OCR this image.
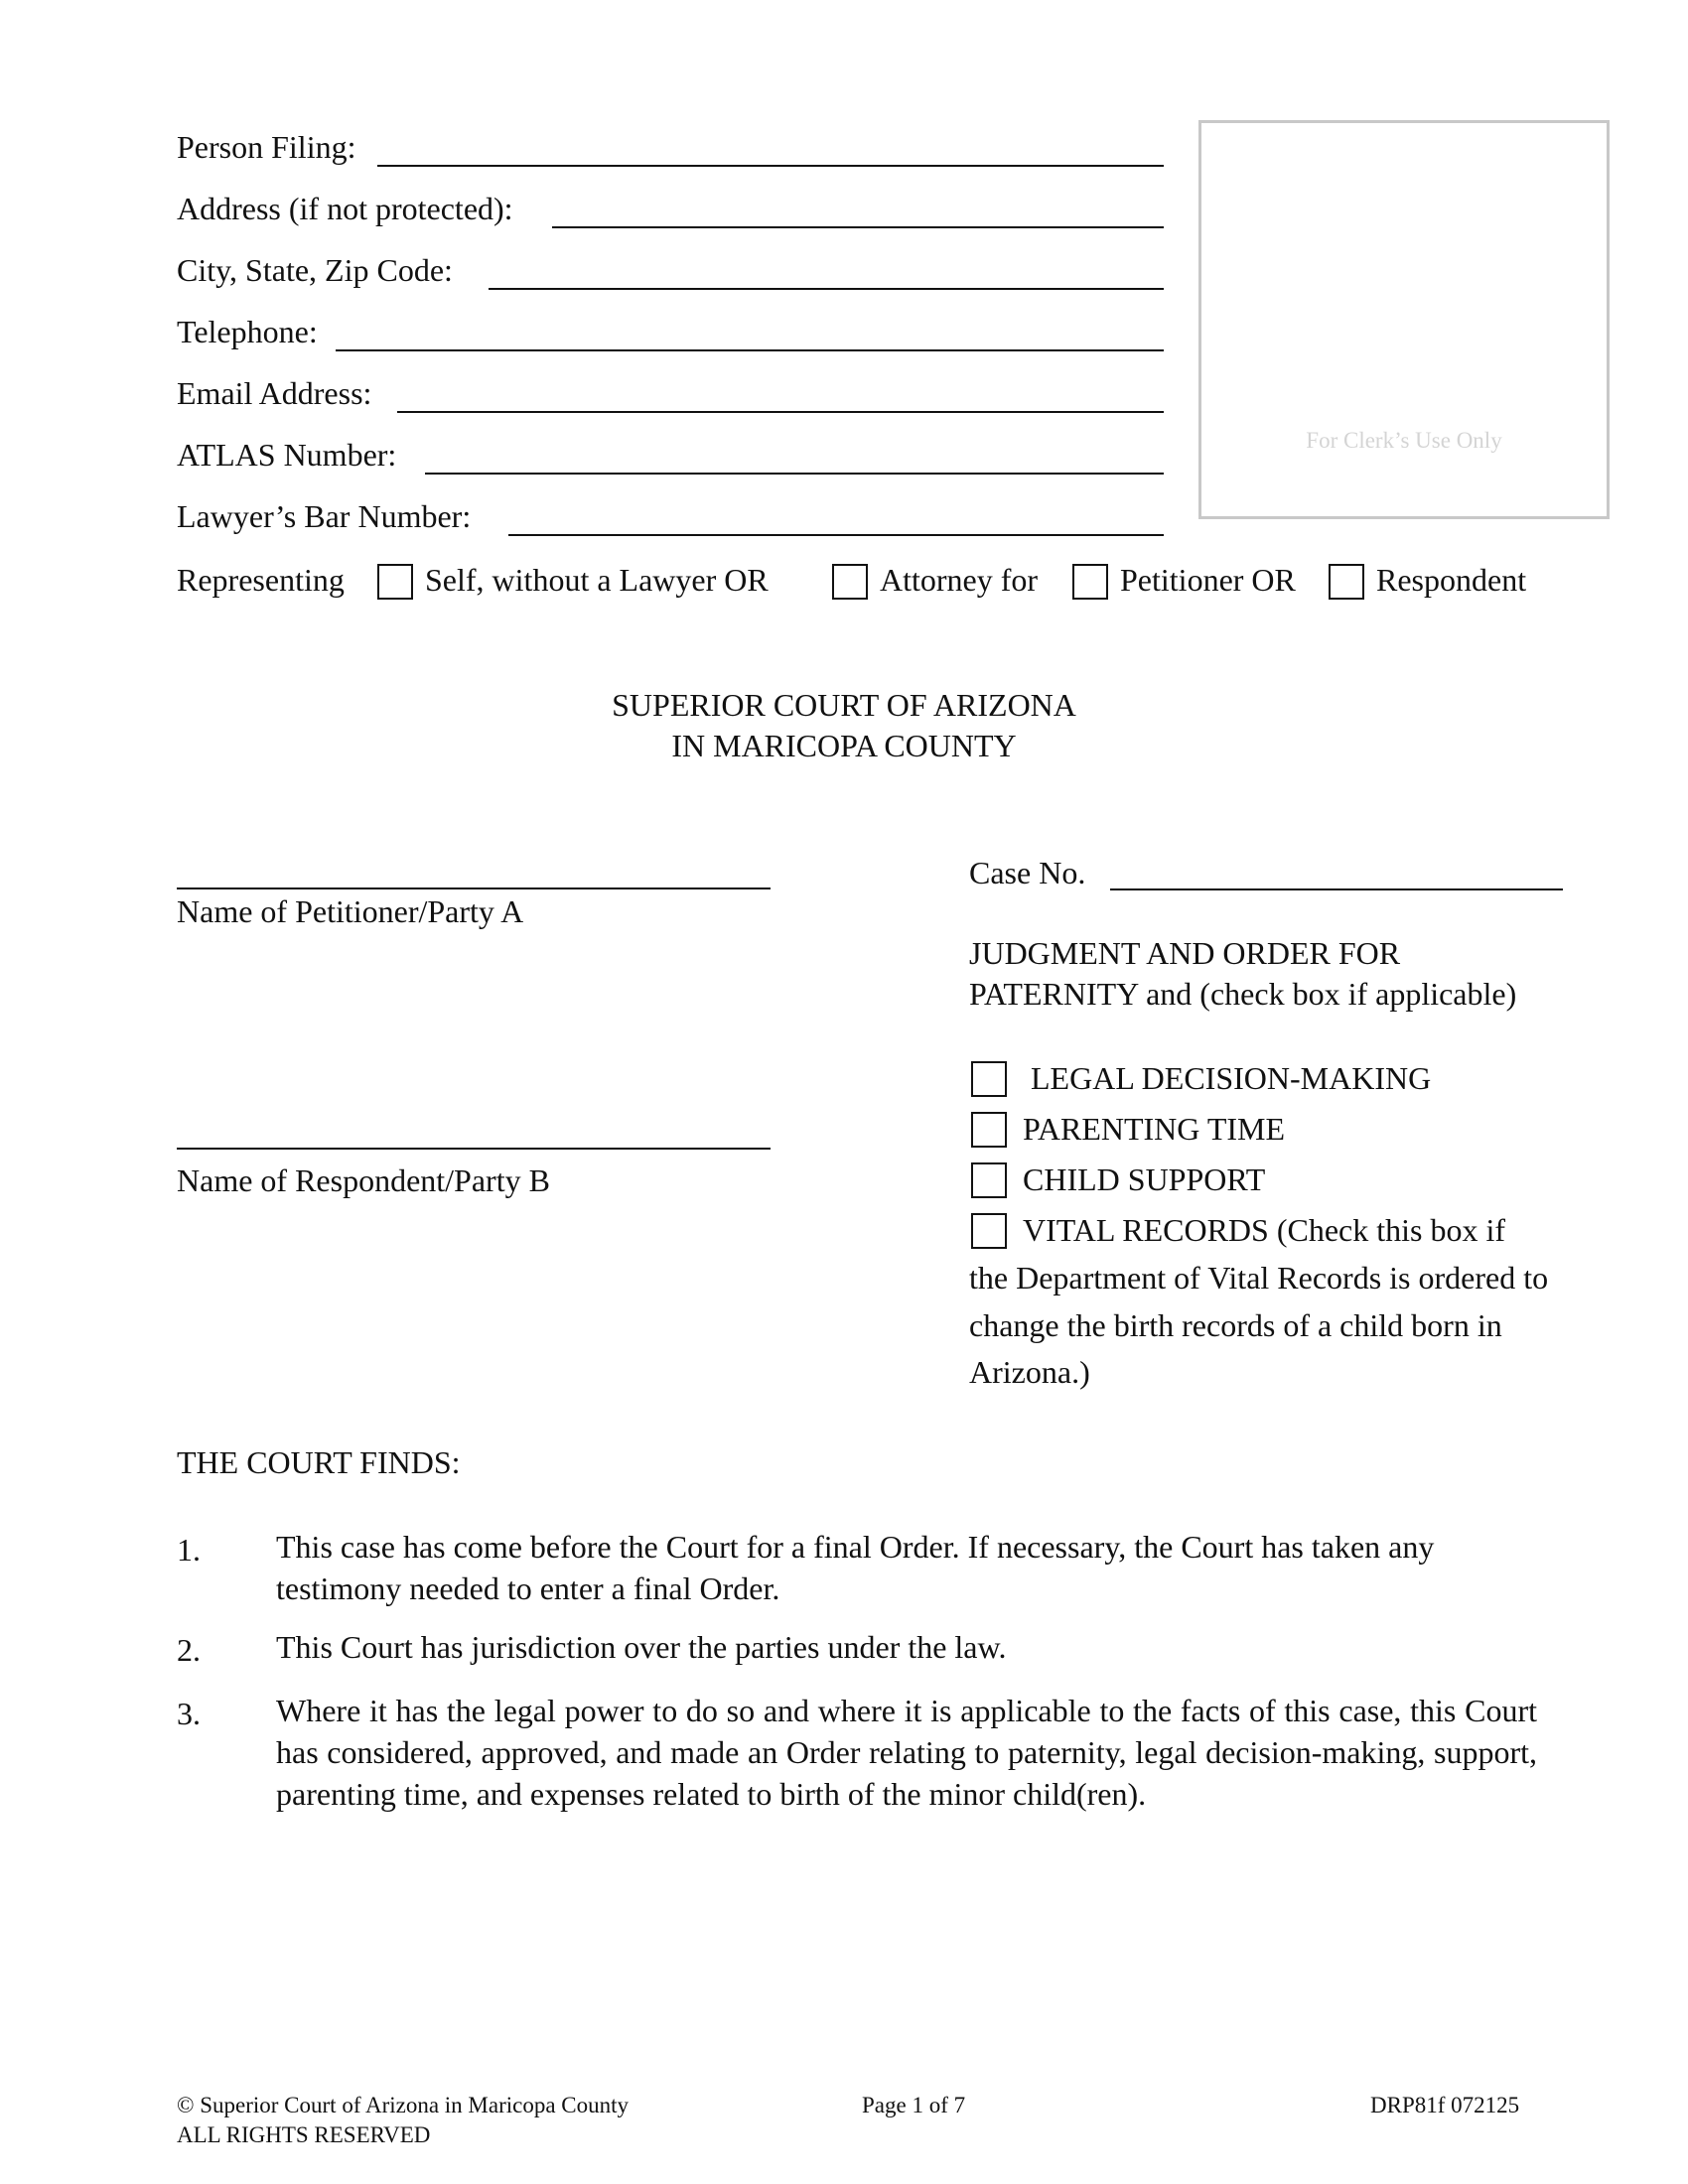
Person Filing:
Address (if not protected):
City, State, Zip Code:
Telephone:
Email Address:
ATLAS Number:
Lawyer’s Bar Number:
For Clerk’s Use Only
Representing	Self, without a Lawyer OR	Attorney for	Petitioner OR	Respondent
SUPERIOR COURT OF ARIZONA
IN MARICOPA COUNTY
Name of Petitioner/Party A
Name of Respondent/Party B
Case No.
JUDGMENT AND ORDER FOR
PATERNITY and (check box if applicable)
LEGAL DECISION-MAKING
PARENTING TIME
CHILD SUPPORT
VITAL RECORDS (Check this box if
the Department of Vital Records is ordered to
change the birth records of a child born in
Arizona.)
THE COURT FINDS:
1. This case has come before the Court for a final Order. If necessary, the Court has taken any testimony needed to enter a final Order.
2. This Court has jurisdiction over the parties under the law.
3. Where it has the legal power to do so and where it is applicable to the facts of this case, this Court has considered, approved, and made an Order relating to paternity, legal decision-making, support, parenting time, and expenses related to birth of the minor child(ren).
© Superior Court of Arizona in Maricopa County
ALL RIGHTS RESERVED
Page 1 of 7	DRP81f 072125
